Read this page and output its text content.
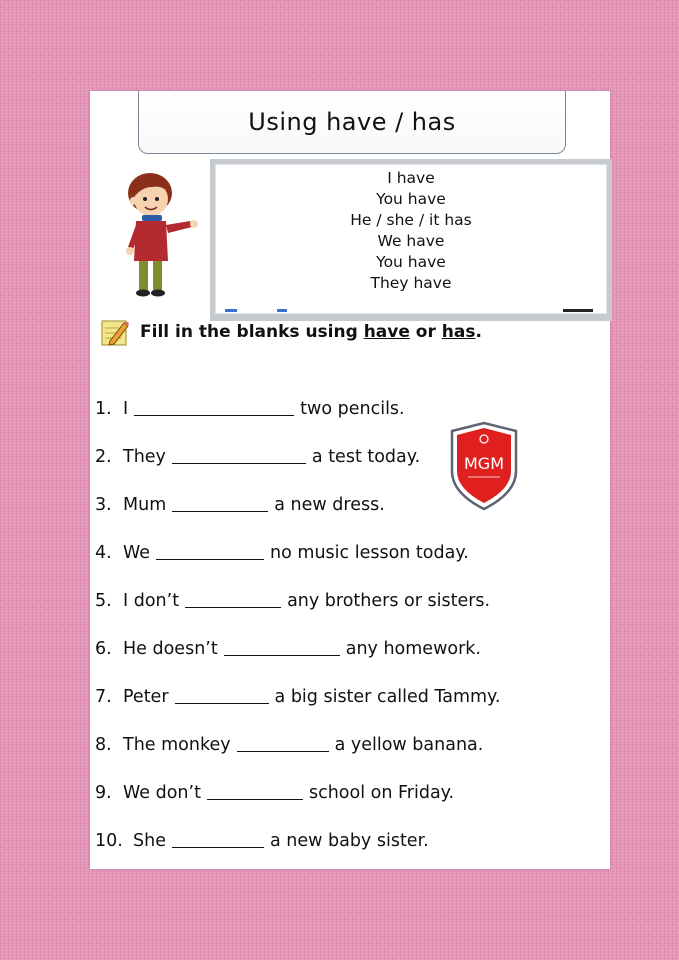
Using have / has
I have
You have
He / she / it has
We have
You have
They have
Fill in the blanks using have or has.
1. I	two pencils.
2. They	a test today.
3. Mum	a new dress.
4. We	no music lesson today.
5. I don’t	any brothers or sisters.
6. He doesn’t	any homework.
7. Peter	a big sister called Tammy.
8. The monkey	a yellow banana.
9. We don’t	school on Friday.
10. She	a new baby sister.
MGM
